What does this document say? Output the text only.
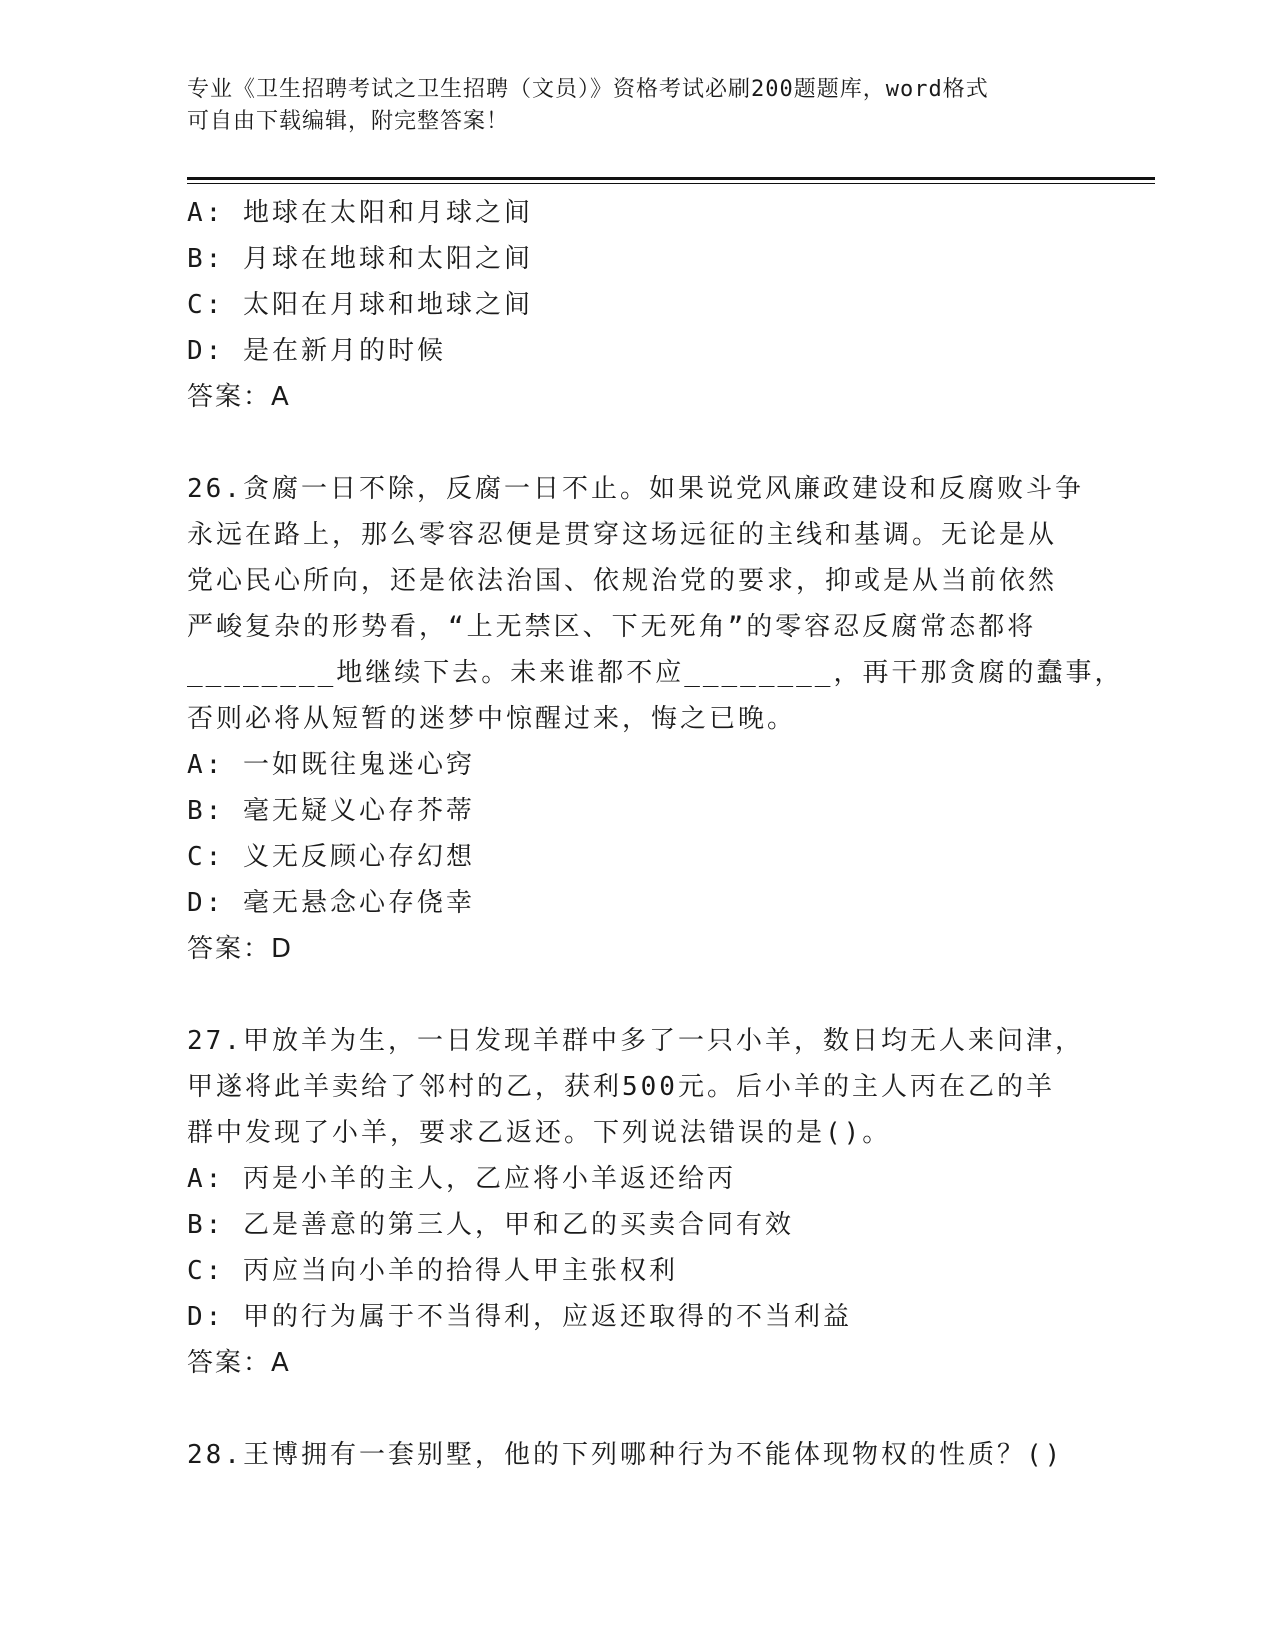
专业《卫生招聘考试之卫生招聘（文员）》资格考试必刷200题题库，word格式
可自由下载编辑，附完整答案！
A: 地球在太阳和月球之间
B: 月球在地球和太阳之间
C: 太阳在月球和地球之间
D: 是在新月的时候
答案：A
26.贪腐一日不除，反腐一日不止。如果说党风廉政建设和反腐败斗争
永远在路上，那么零容忍便是贯穿这场远征的主线和基调。无论是从
党心民心所向，还是依法治国、依规治党的要求，抑或是从当前依然
严峻复杂的形势看，“上无禁区、下无死角”的零容忍反腐常态都将
________地继续下去。未来谁都不应________，再干那贪腐的蠢事，
否则必将从短暂的迷梦中惊醒过来，悔之已晚。
A: 一如既往鬼迷心窍
B: 毫无疑义心存芥蒂
C: 义无反顾心存幻想
D: 毫无悬念心存侥幸
答案：D
27.甲放羊为生，一日发现羊群中多了一只小羊，数日均无人来问津，
甲遂将此羊卖给了邻村的乙，获利500元。后小羊的主人丙在乙的羊
群中发现了小羊，要求乙返还。下列说法错误的是()。
A: 丙是小羊的主人，乙应将小羊返还给丙
B: 乙是善意的第三人，甲和乙的买卖合同有效
C: 丙应当向小羊的拾得人甲主张权利
D: 甲的行为属于不当得利，应返还取得的不当利益
答案：A
28.王博拥有一套别墅，他的下列哪种行为不能体现物权的性质？()
